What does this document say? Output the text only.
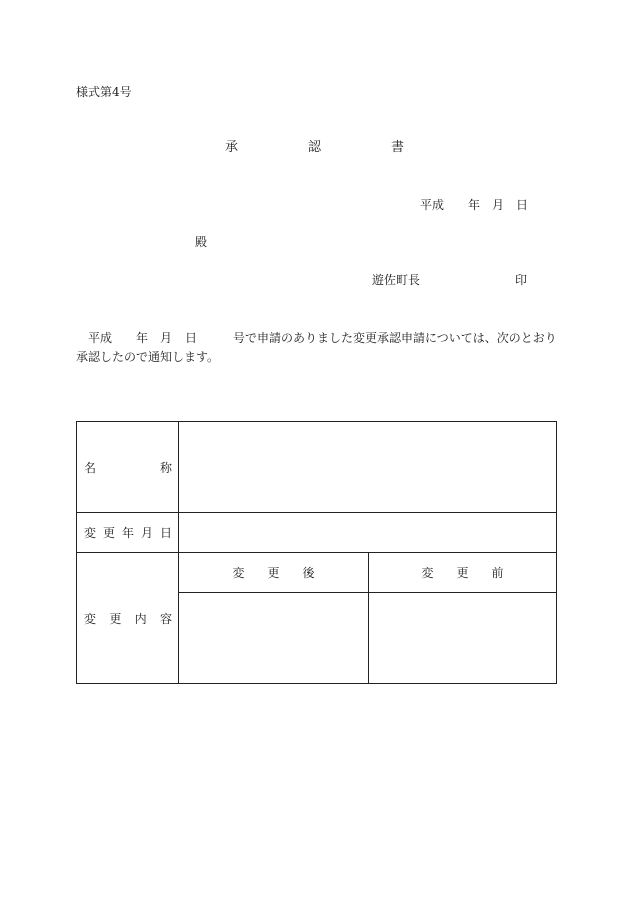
様式第4号
承	認	書
平成 年 月 日
殿
遊佐町長	印
平成 年 月 日	号で申請のありました変更承認申請については、次のとおり
承認したので通知します。
名 称		

変 更 年 月 日		

変 更 内 容	変 更 後	変 更 前
